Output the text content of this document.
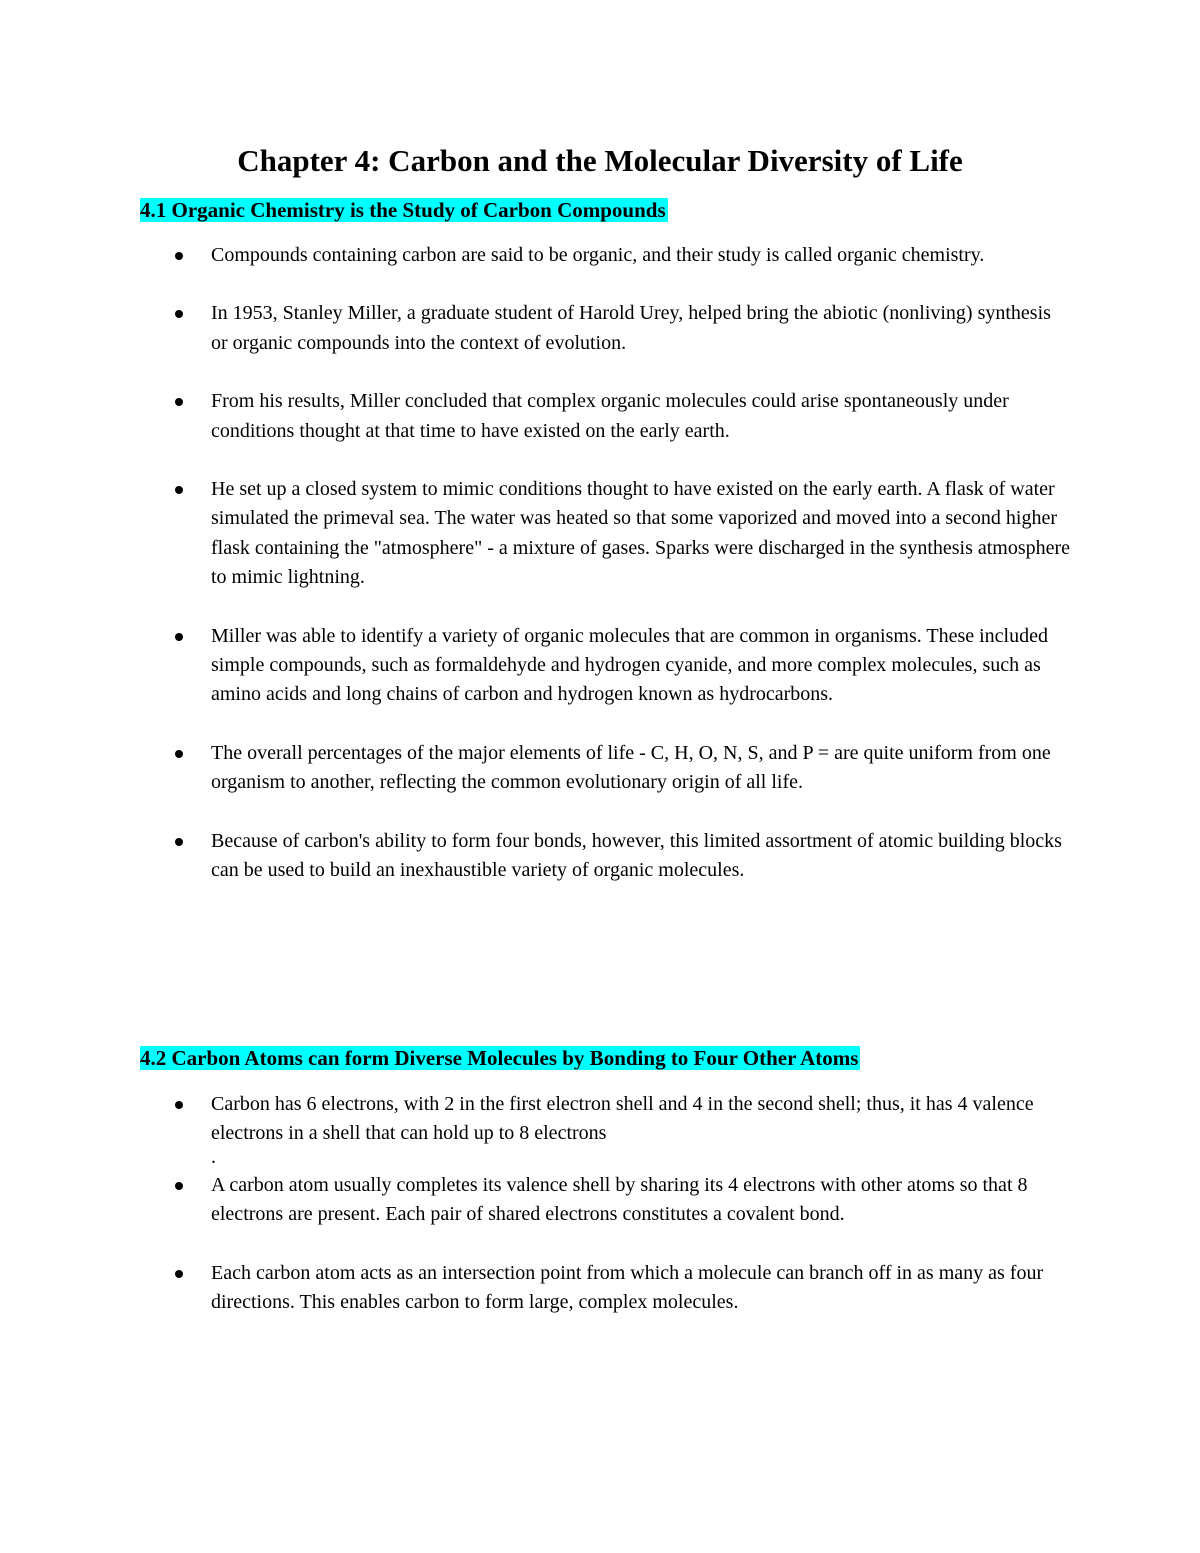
Chapter 4: Carbon and the Molecular Diversity of Life
4.1 Organic Chemistry is the Study of Carbon Compounds
Compounds containing carbon are said to be organic, and their study is called organic chemistry.
In 1953, Stanley Miller, a graduate student of Harold Urey, helped bring the abiotic (nonliving) synthesis or organic compounds into the context of evolution.
From his results, Miller concluded that complex organic molecules could arise spontaneously under conditions thought at that time to have existed on the early earth.
He set up a closed system to mimic conditions thought to have existed on the early earth. A flask of water simulated the primeval sea. The water was heated so that some vaporized and moved into a second higher flask containing the "atmosphere" - a mixture of gases. Sparks were discharged in the synthesis atmosphere to mimic lightning.
Miller was able to identify a variety of organic molecules that are common in organisms. These included simple compounds, such as formaldehyde and hydrogen cyanide, and more complex molecules, such as amino acids and long chains of carbon and hydrogen known as hydrocarbons.
The overall percentages of the major elements of life - C, H, O, N, S, and P = are quite uniform from one organism to another, reflecting the common evolutionary origin of all life.
Because of carbon's ability to form four bonds, however, this limited assortment of atomic building blocks can be used to build an inexhaustible variety of organic molecules.
4.2 Carbon Atoms can form Diverse Molecules by Bonding to Four Other Atoms
Carbon has 6 electrons, with 2 in the first electron shell and 4 in the second shell; thus, it has 4 valence electrons in a shell that can hold up to 8 electrons
.
A carbon atom usually completes its valence shell by sharing its 4 electrons with other atoms so that 8 electrons are present. Each pair of shared electrons constitutes a covalent bond.
Each carbon atom acts as an intersection point from which a molecule can branch off in as many as four directions. This enables carbon to form large, complex molecules.
